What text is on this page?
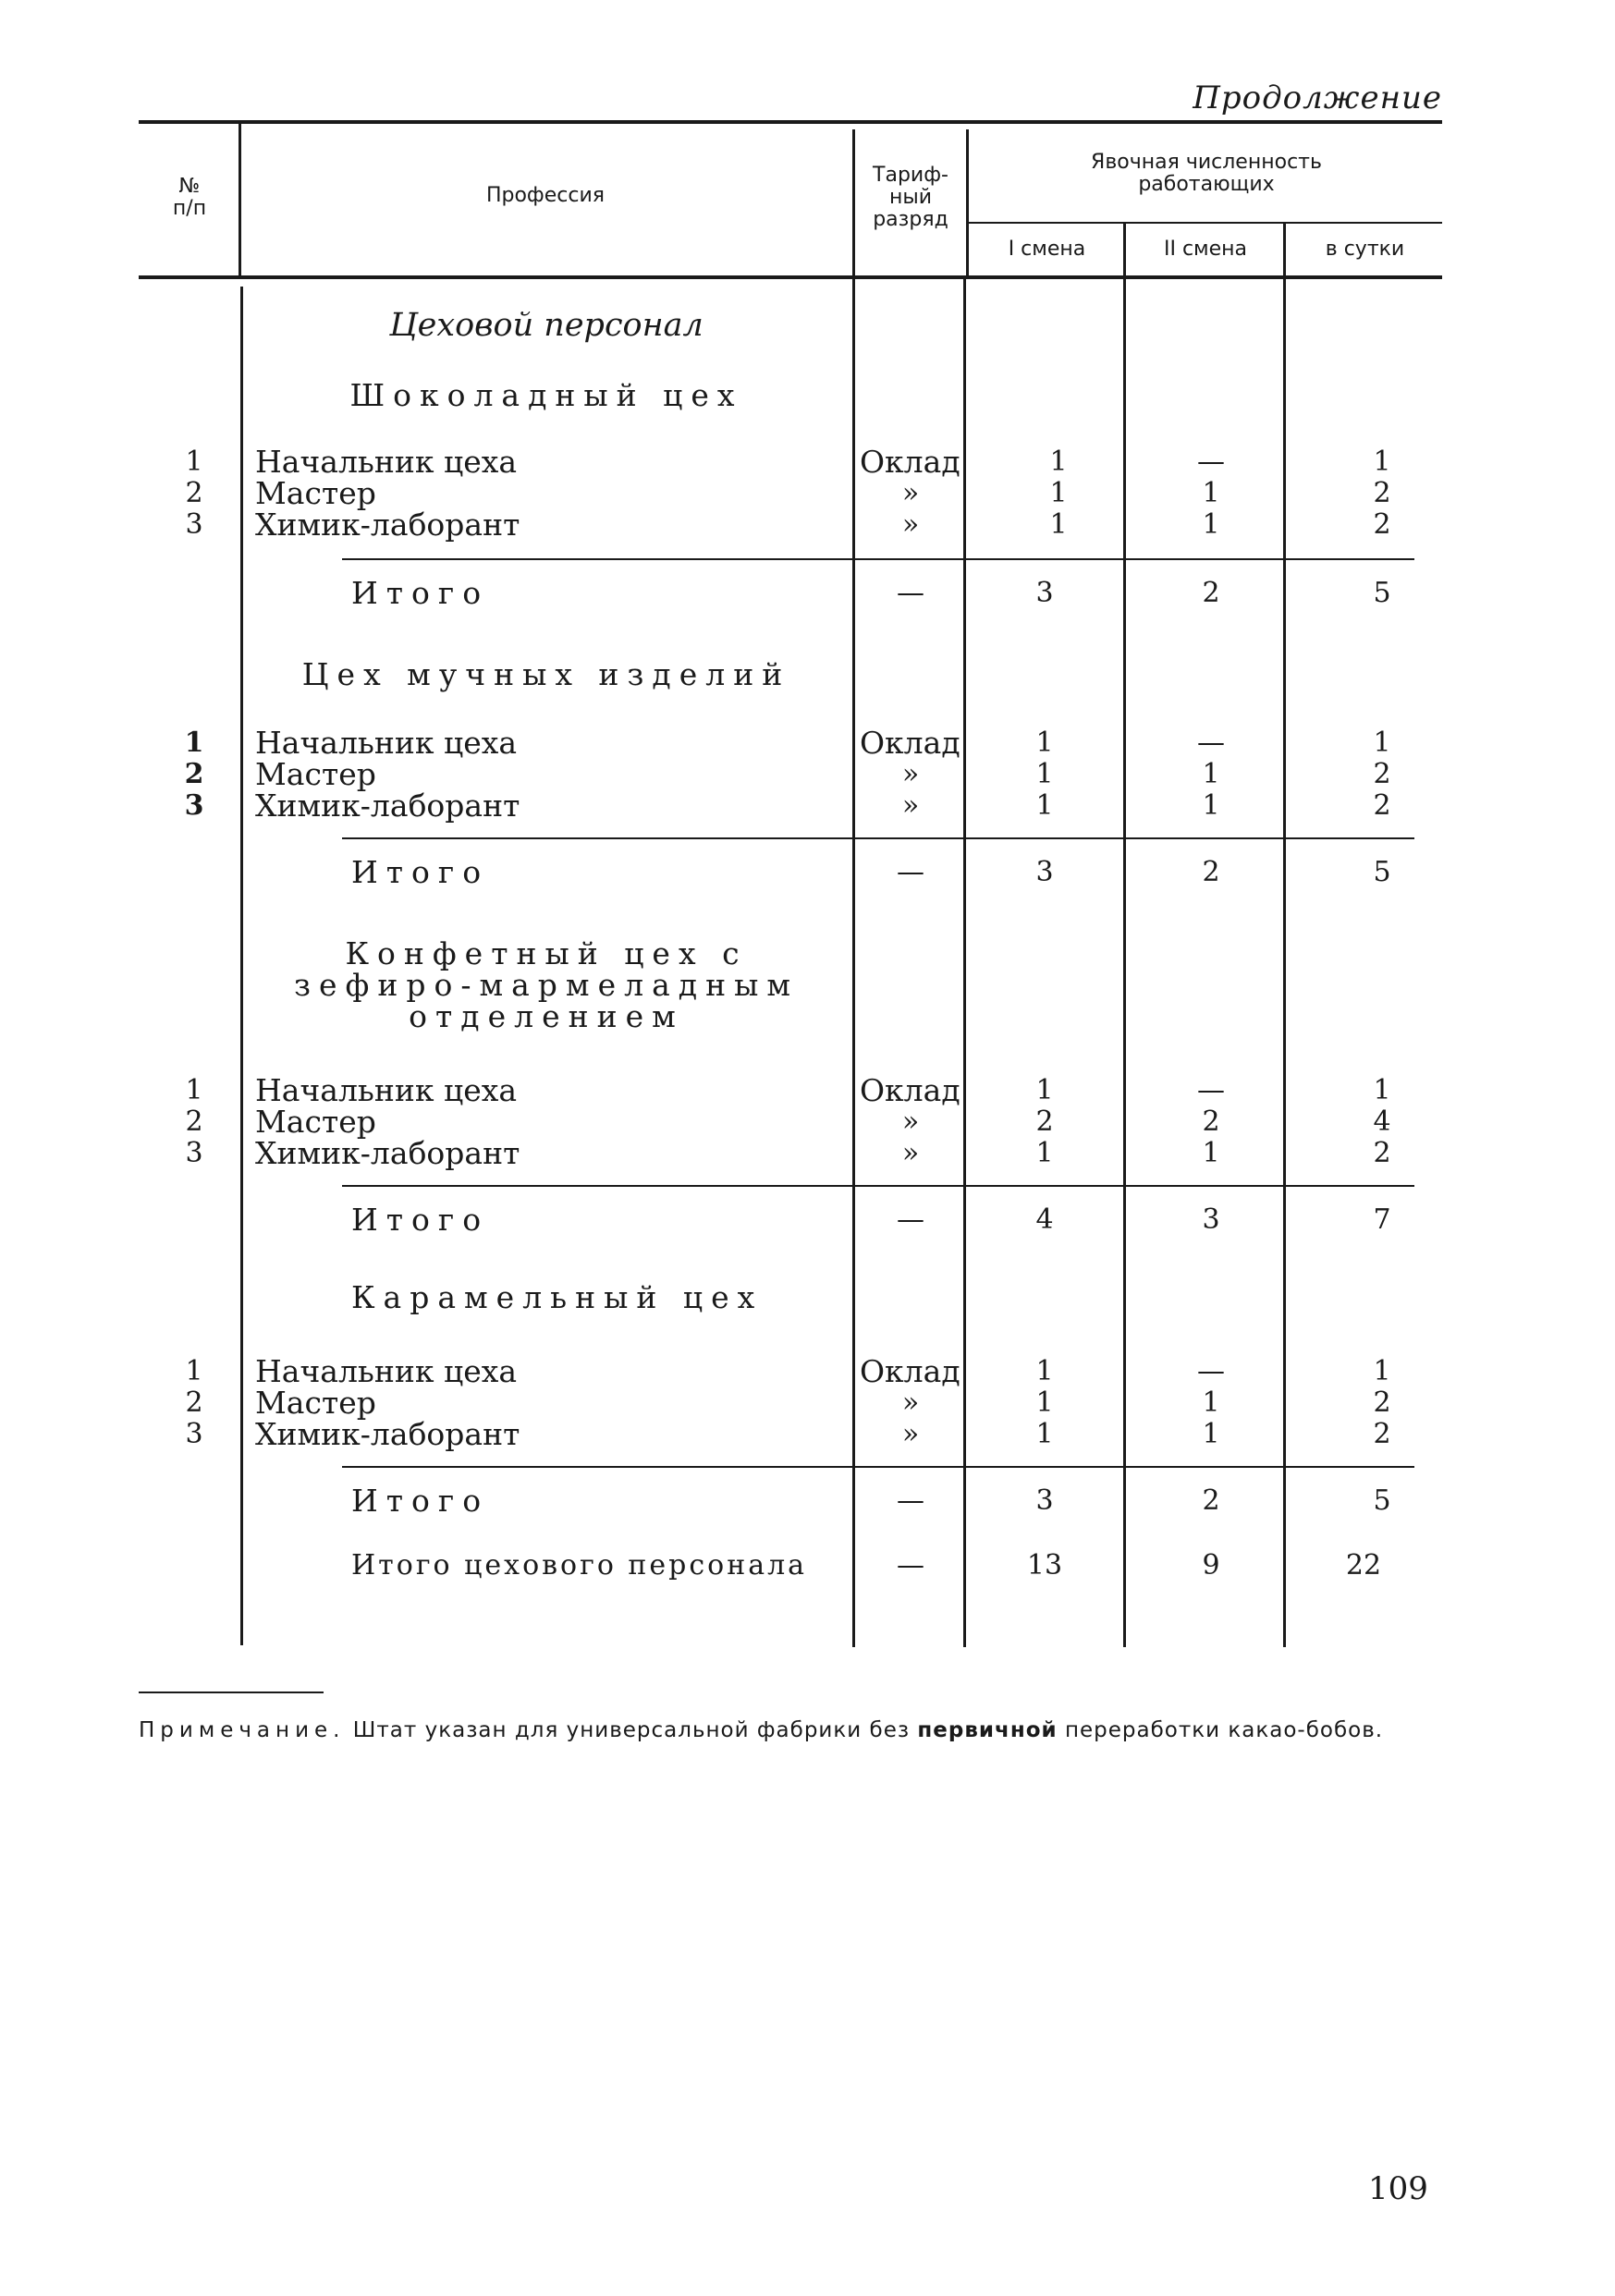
Продолжение
№
п/п
Профессия
Тариф-
ный
разряд
Явочная численность
работающих
I смена	II смена	в сутки
Цеховой персонал
Шоколадный цех
1	Начальник цеха	Оклад	1	—	1
2	Мастер	»	1	1	2
3	Химик-лаборант	»	1	1	2
Итого	—	3	2	5
Цех мучных изделий
1	Начальник цеха	Оклад	1	—	1
2	Мастер	»	1	1	2
3	Химик-лаборант	»	1	1	2
Итого	—	3	2	5
Конфетный цех с
зефиро-мармеладным
отделением
1	Начальник цеха	Оклад	1	—	1
2	Мастер	»	2	2	4
3	Химик-лаборант	»	1	1	2
Итого	—	4	3	7
Карамельный цех
1	Начальник цеха	Оклад	1	—	1
2	Мастер	»	1	1	2
3	Химик-лаборант	»	1	1	2
Итого	—	3	2	5
Итого цехового персонала	—	13	9	22
Примечание. Штат указан для универсальной фабрики без первичной переработки какао-бобов.
109
